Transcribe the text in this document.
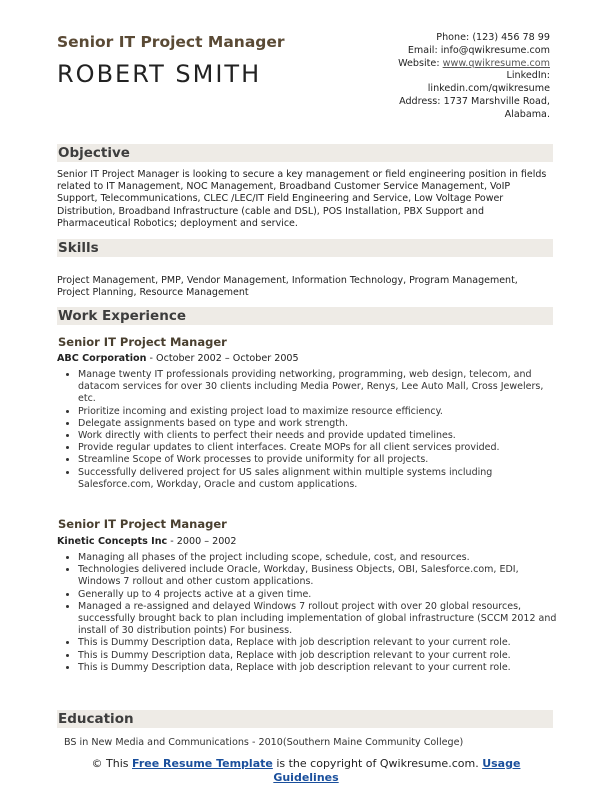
Senior IT Project Manager
ROBERT SMITH
Phone: (123) 456 78 99
Email: info@qwikresume.com
Website: www.qwikresume.com
LinkedIn:
linkedin.com/qwikresume
Address: 1737 Marshville Road,
Alabama.
Objective
Senior IT Project Manager is looking to secure a key management or field engineering position in fields related to IT Management, NOC Management, Broadband Customer Service Management, VoIP Support, Telecommunications, CLEC /LEC/IT Field Engineering and Service, Low Voltage Power Distribution, Broadband Infrastructure (cable and DSL), POS Installation, PBX Support and Pharmaceutical Robotics; deployment and service.
Skills
Project Management, PMP, Vendor Management, Information Technology, Program Management, Project Planning, Resource Management
Work Experience
Senior IT Project Manager
ABC Corporation - October 2002 – October 2005
• Manage twenty IT professionals providing networking, programming, web design, telecom, and datacom services for over 30 clients including Media Power, Renys, Lee Auto Mall, Cross Jewelers, etc.
• Prioritize incoming and existing project load to maximize resource efficiency.
• Delegate assignments based on type and work strength.
• Work directly with clients to perfect their needs and provide updated timelines.
• Provide regular updates to client interfaces. Create MOPs for all client services provided.
• Streamline Scope of Work processes to provide uniformity for all projects.
• Successfully delivered project for US sales alignment within multiple systems including Salesforce.com, Workday, Oracle and custom applications.
Senior IT Project Manager
Kinetic Concepts Inc - 2000 – 2002
• Managing all phases of the project including scope, schedule, cost, and resources.
• Technologies delivered include Oracle, Workday, Business Objects, OBI, Salesforce.com, EDI, Windows 7 rollout and other custom applications.
• Generally up to 4 projects active at a given time.
• Managed a re-assigned and delayed Windows 7 rollout project with over 20 global resources, successfully brought back to plan including implementation of global infrastructure (SCCM 2012 and install of 30 distribution points) For business.
• This is Dummy Description data, Replace with job description relevant to your current role.
• This is Dummy Description data, Replace with job description relevant to your current role.
• This is Dummy Description data, Replace with job description relevant to your current role.
Education
BS in New Media and Communications - 2010(Southern Maine Community College)
© This Free Resume Template is the copyright of Qwikresume.com. Usage
Guidelines
